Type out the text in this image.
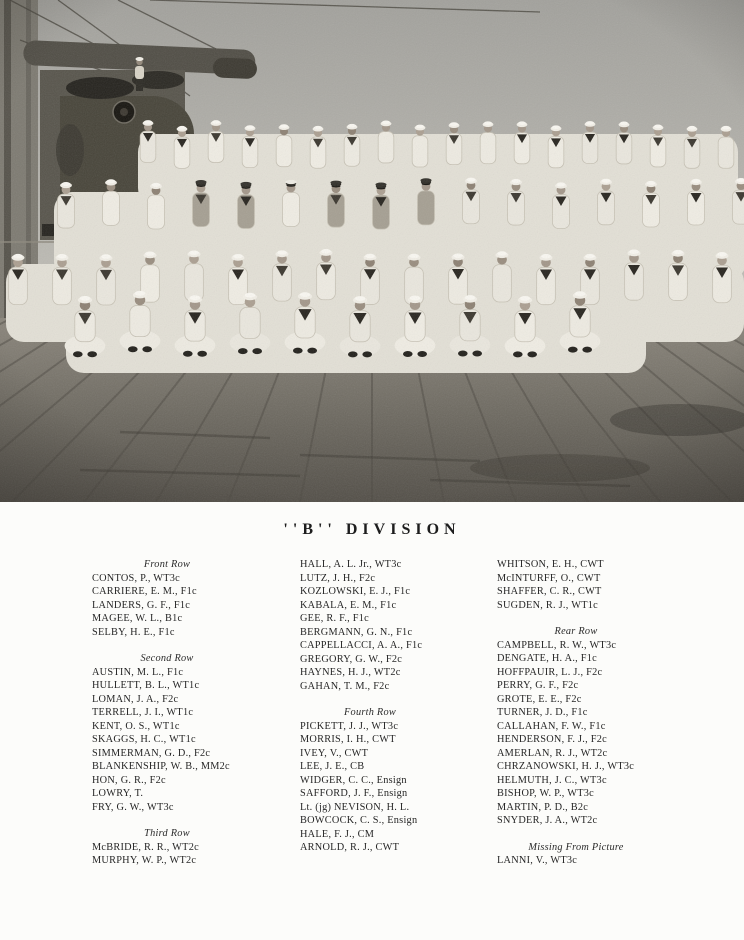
''B'' DIVISION
Front Row
CONTOS, P., WT3c
CARRIERE, E. M., F1c
LANDERS, G. F., F1c
MAGEE, W. L., B1c
SELBY, H. E., F1c
Second Row
AUSTIN, M. L., F1c
HULLETT, B. L., WT1c
LOMAN, J. A., F2c
TERRELL, J. I., WT1c
KENT, O. S., WT1c
SKAGGS, H. C., WT1c
SIMMERMAN, G. D., F2c
BLANKENSHIP, W. B., MM2c
HON, G. R., F2c
LOWRY, T.
FRY, G. W., WT3c
Third Row
McBRIDE, R. R., WT2c
MURPHY, W. P., WT2c
HALL, A. L. Jr., WT3c
LUTZ, J. H., F2c
KOZLOWSKI, E. J., F1c
KABALA, E. M., F1c
GEE, R. F., F1c
BERGMANN, G. N., F1c
CAPPELLACCI, A. A., F1c
GREGORY, G. W., F2c
HAYNES, H. J., WT2c
GAHAN, T. M., F2c
Fourth Row
PICKETT, J. J., WT3c
MORRIS, I. H., CWT
IVEY, V., CWT
LEE, J. E., CB
WIDGER, C. C., Ensign
SAFFORD, J. F., Ensign
Lt. (jg) NEVISON, H. L.
BOWCOCK, C. S., Ensign
HALE, F. J., CM
ARNOLD, R. J., CWT
WHITSON, E. H., CWT
McINTURFF, O., CWT
SHAFFER, C. R., CWT
SUGDEN, R. J., WT1c
Rear Row
CAMPBELL, R. W., WT3c
DENGATE, H. A., F1c
HOFFPAUIR, L. J., F2c
PERRY, G. F., F2c
GROTE, E. E., F2c
TURNER, J. D., F1c
CALLAHAN, F. W., F1c
HENDERSON, F. J., F2c
AMERLAN, R. J., WT2c
CHRZANOWSKI, H. J., WT3c
HELMUTH, J. C., WT3c
BISHOP, W. P., WT3c
MARTIN, P. D., B2c
SNYDER, J. A., WT2c
Missing From Picture
LANNI, V., WT3c
